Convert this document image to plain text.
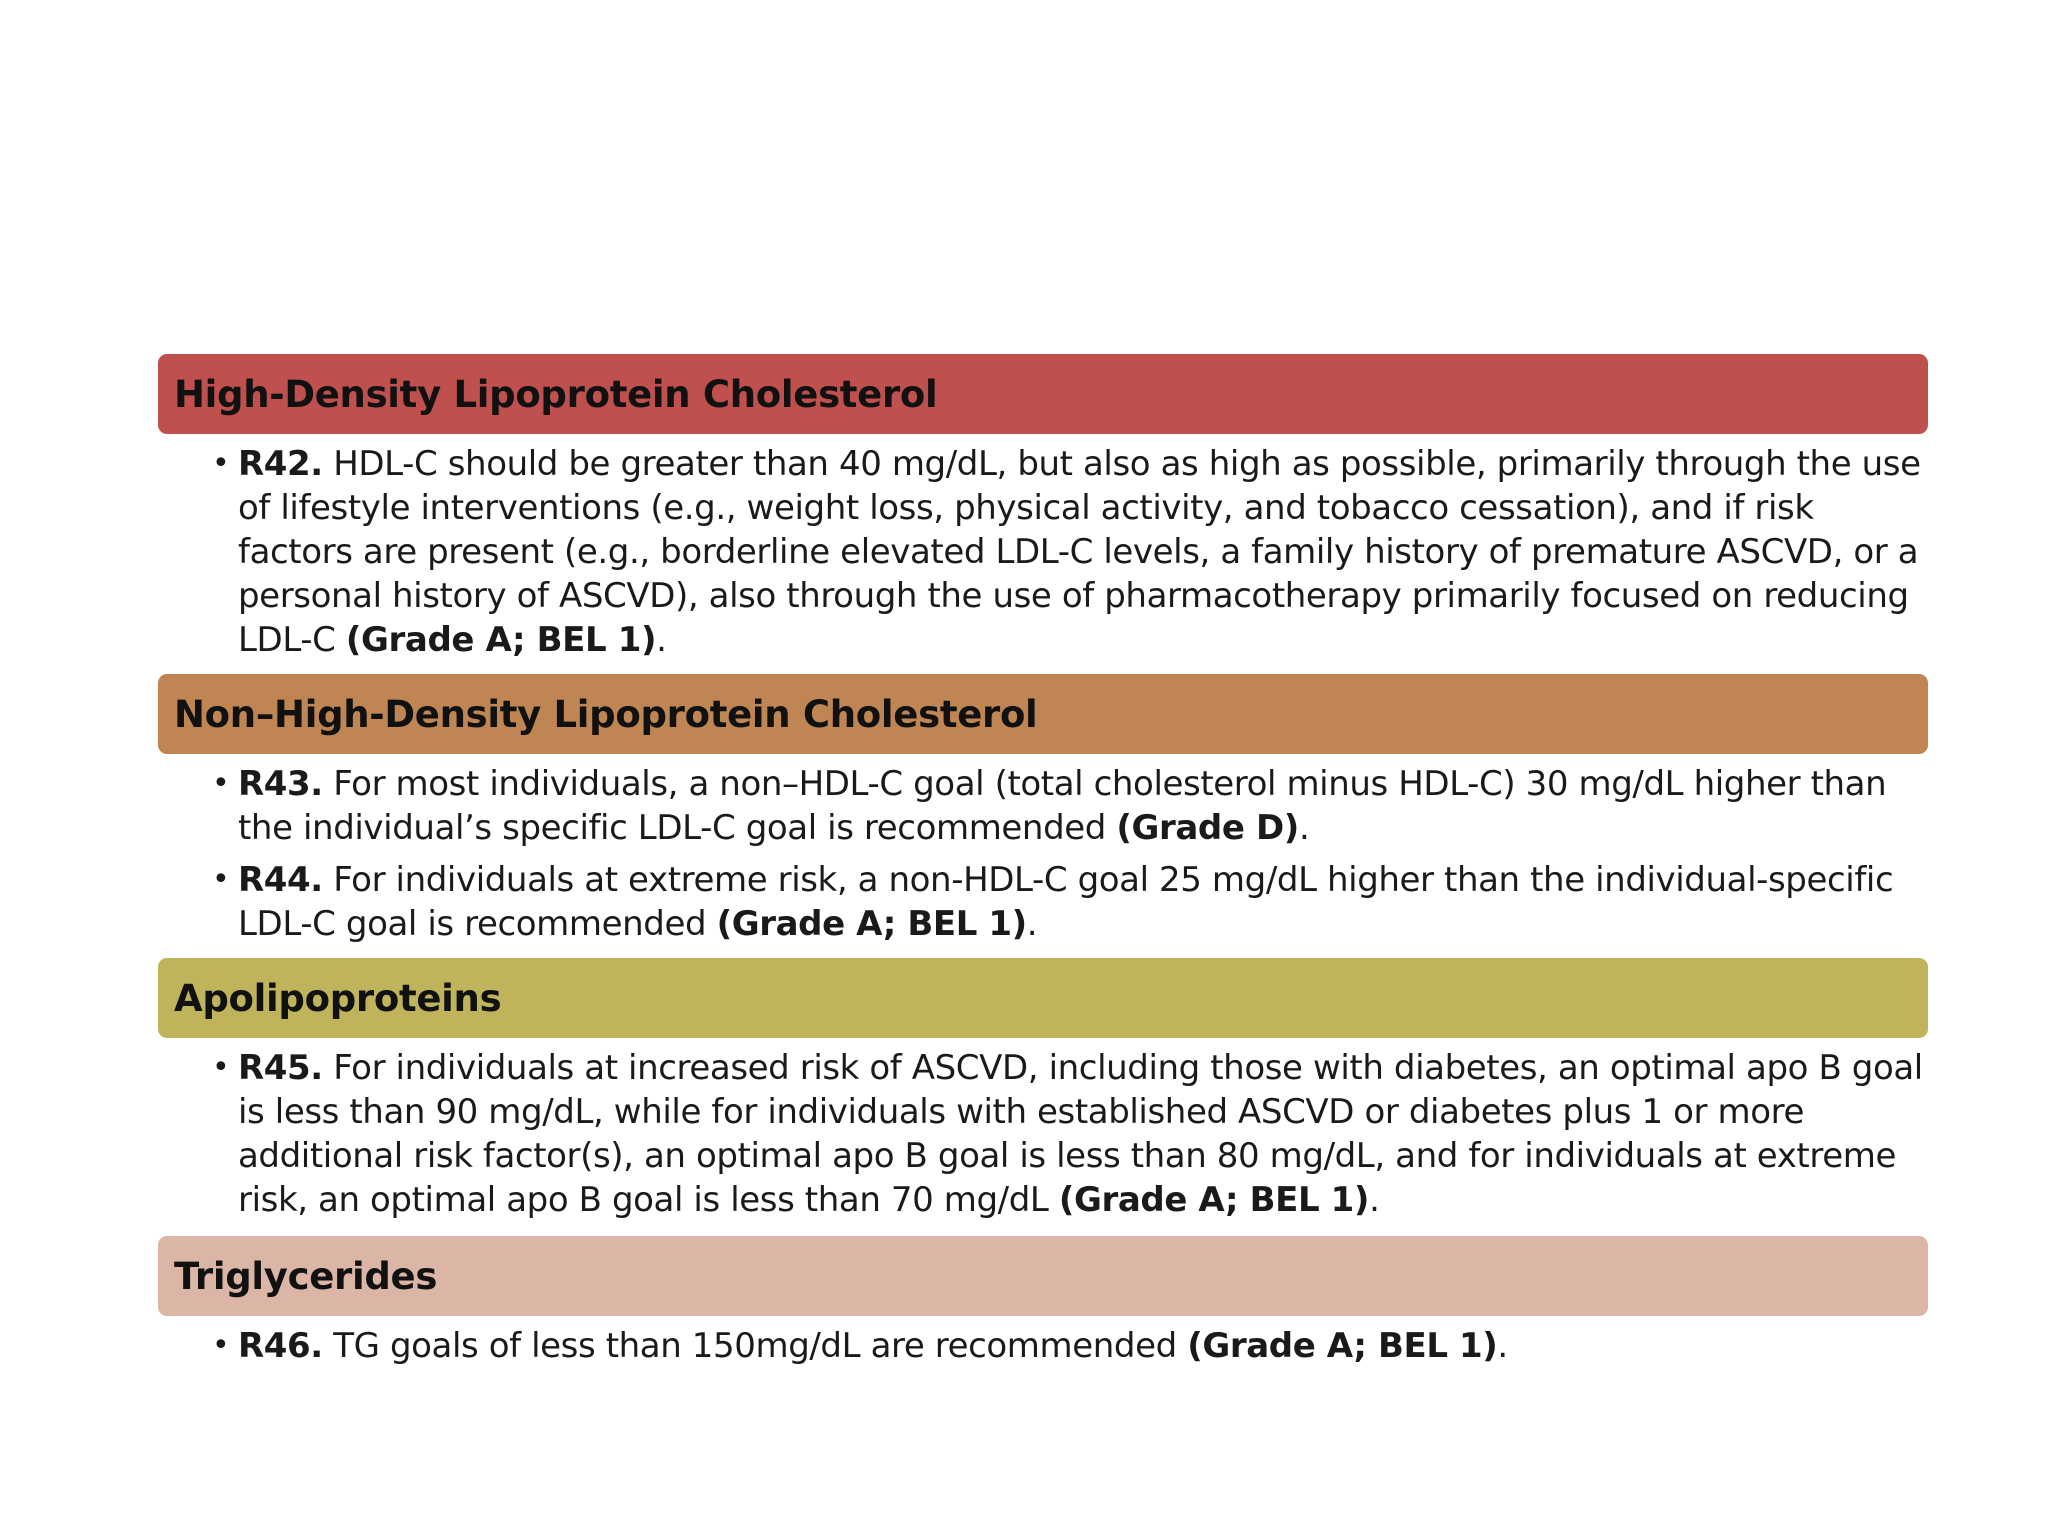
High-Density Lipoprotein Cholesterol
• R42. HDL-C should be greater than 40 mg/dL, but also as high as possible, primarily through the use of lifestyle interventions (e.g., weight loss, physical activity, and tobacco cessation), and if risk factors are present (e.g., borderline elevated LDL-C levels, a family history of premature ASCVD, or a personal history of ASCVD), also through the use of pharmacotherapy primarily focused on reducing LDL-C (Grade A; BEL 1).
Non–High-Density Lipoprotein Cholesterol
• R43. For most individuals, a non–HDL-C goal (total cholesterol minus HDL-C) 30 mg/dL higher than the individual’s specific LDL-C goal is recommended (Grade D).
• R44. For individuals at extreme risk, a non-HDL-C goal 25 mg/dL higher than the individual-specific LDL-C goal is recommended (Grade A; BEL 1).
Apolipoproteins
• R45. For individuals at increased risk of ASCVD, including those with diabetes, an optimal apo B goal is less than 90 mg/dL, while for individuals with established ASCVD or diabetes plus 1 or more additional risk factor(s), an optimal apo B goal is less than 80 mg/dL, and for individuals at extreme risk, an optimal apo B goal is less than 70 mg/dL (Grade A; BEL 1).
Triglycerides
• R46. TG goals of less than 150mg/dL are recommended (Grade A; BEL 1).
